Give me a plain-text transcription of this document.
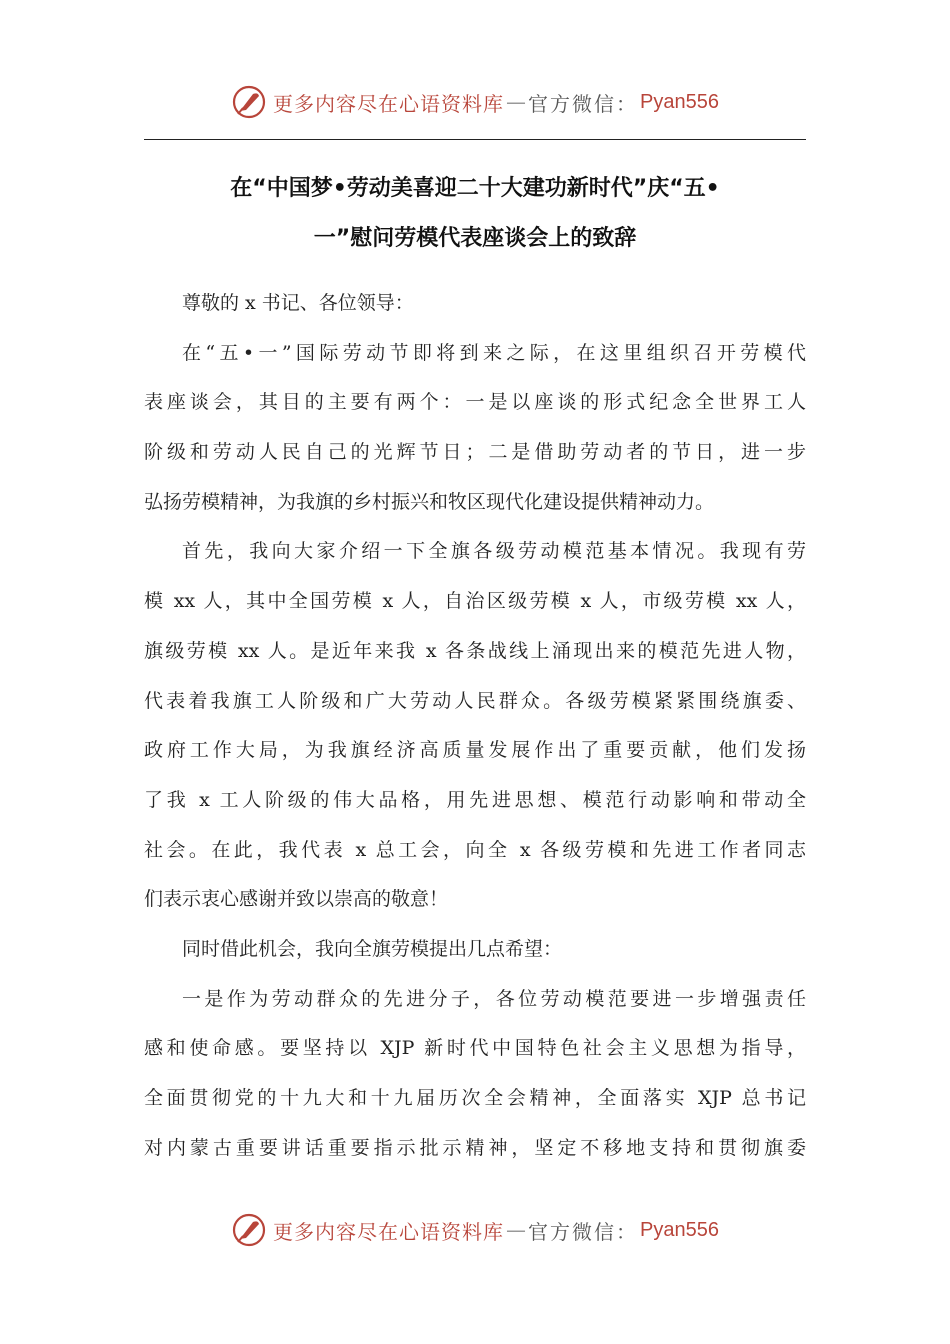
更多内容尽在心语资料库 — 官方微信： Pyan556
在“中国梦•劳动美喜迎二十大建功新时代”庆“五•
一”慰问劳模代表座谈会上的致辞
尊敬的 x 书记、各位领导：
在“五•一”国际劳动节即将到来之际，在这里组织召开劳模代
表座谈会，其目的主要有两个：一是以座谈的形式纪念全世界工人
阶级和劳动人民自己的光辉节日；二是借助劳动者的节日，进一步
弘扬劳模精神，为我旗的乡村振兴和牧区现代化建设提供精神动力。
首先，我向大家介绍一下全旗各级劳动模范基本情况。我现有劳
模 xx 人，其中全国劳模 x 人，自治区级劳模 x 人，市级劳模 xx 人，
旗级劳模 xx 人。是近年来我 x 各条战线上涌现出来的模范先进人物，
代表着我旗工人阶级和广大劳动人民群众。各级劳模紧紧围绕旗委、
政府工作大局，为我旗经济高质量发展作出了重要贡献，他们发扬
了我 x 工人阶级的伟大品格，用先进思想、模范行动影响和带动全
社会。在此，我代表 x 总工会，向全 x 各级劳模和先进工作者同志
们表示衷心感谢并致以崇高的敬意！
同时借此机会，我向全旗劳模提出几点希望：
一是作为劳动群众的先进分子，各位劳动模范要进一步增强责任
感和使命感。要坚持以 XJP 新时代中国特色社会主义思想为指导，
全面贯彻党的十九大和十九届历次全会精神，全面落实 XJP 总书记
对内蒙古重要讲话重要指示批示精神，坚定不移地支持和贯彻旗委
更多内容尽在心语资料库 — 官方微信： Pyan556
